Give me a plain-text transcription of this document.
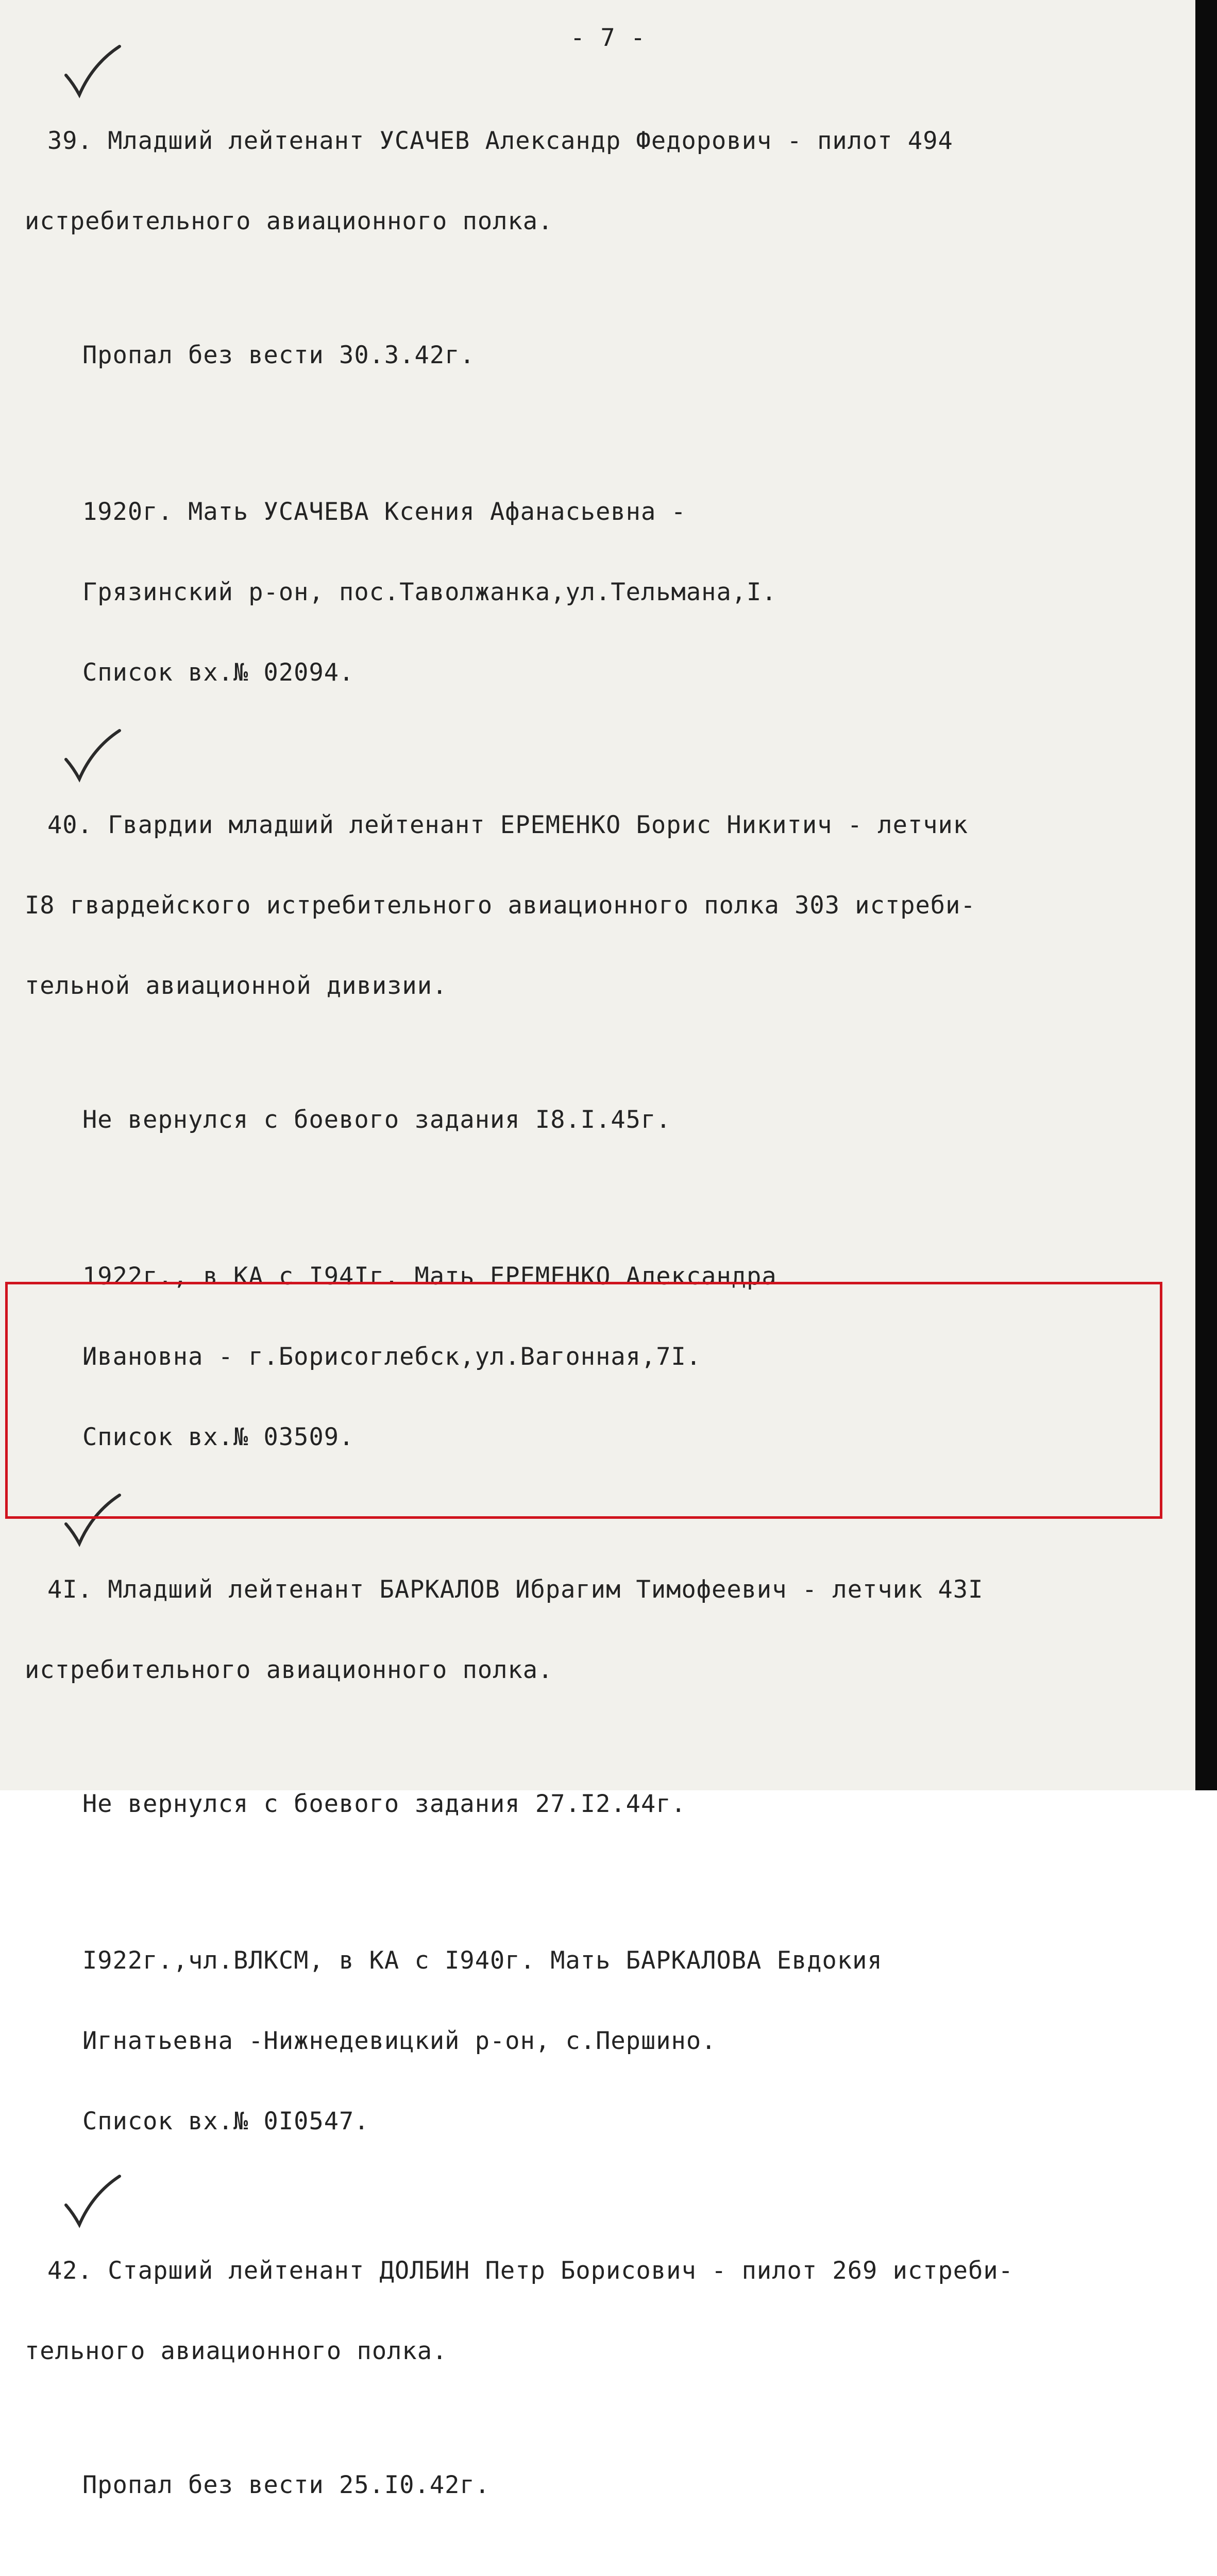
- 7 -

39. Младший лейтенант УСАЧЕВ Александр Федорович - пилот 494

истребительного авиационного полка.

Пропал без вести 30.3.42г.

1920г. Мать УСАЧЕВА Ксения Афанасьевна -

Грязинский р-он, пос.Таволжанка,ул.Тельмана,I.

Список вх.№ 02094.

40. Гвардии младший лейтенант ЕРЕМЕНКО Борис Никитич - летчик

I8 гвардейского истребительного авиационного полка 303 истреби-

тельной авиационной дивизии.

Не вернулся с боевого задания I8.I.45г.

1922г., в КА с I94Iг. Мать ЕРЕМЕНКО Александра

Ивановна - г.Борисоглебск,ул.Вагонная,7I.

Список вх.№ 03509.

4I. Младший лейтенант БАРКАЛОВ Ибрагим Тимофеевич - летчик 43I

истребительного авиационного полка.

Не вернулся с боевого задания 27.I2.44г.

I922г.,чл.ВЛКСМ, в КА с I940г. Мать БАРКАЛОВА Евдокия

Игнатьевна -Нижнедевицкий р-он, с.Першино.

Список вх.№ 0I0547.

42. Старший лейтенант ДОЛБИН Петр Борисович - пилот 269 истреби-

тельного авиационного полка.

Пропал без вести 25.I0.42г.
